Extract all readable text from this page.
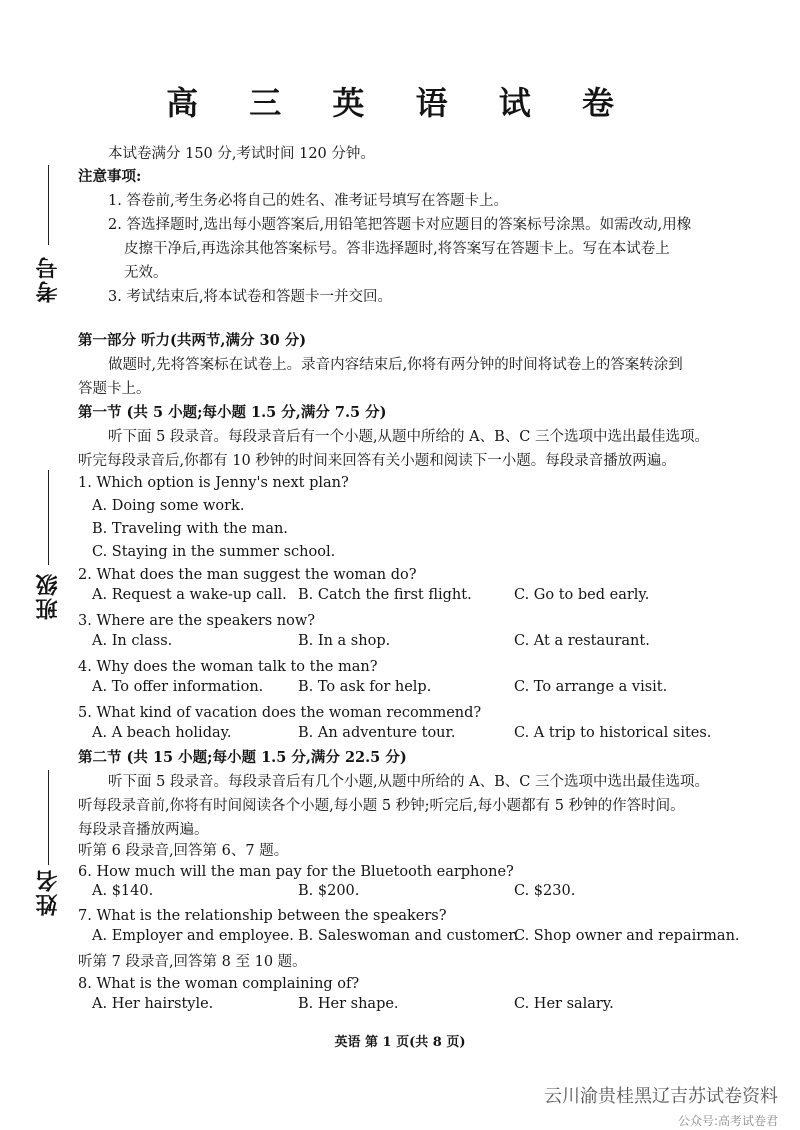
高 三 英 语 试 卷
考号
班级
姓名
本试卷满分 150 分,考试时间 120 分钟。
注意事项:
1. 答卷前,考生务必将自己的姓名、准考证号填写在答题卡上。
2. 答选择题时,选出每小题答案后,用铅笔把答题卡对应题目的答案标号涂黑。如需改动,用橡
皮擦干净后,再选涂其他答案标号。答非选择题时,将答案写在答题卡上。写在本试卷上
无效。
3. 考试结束后,将本试卷和答题卡一并交回。
第一部分 听力(共两节,满分 30 分)
做题时,先将答案标在试卷上。录音内容结束后,你将有两分钟的时间将试卷上的答案转涂到
答题卡上。
第一节 (共 5 小题;每小题 1.5 分,满分 7.5 分)
听下面 5 段录音。每段录音后有一个小题,从题中所给的 A、B、C 三个选项中选出最佳选项。
听完每段录音后,你都有 10 秒钟的时间来回答有关小题和阅读下一小题。每段录音播放两遍。
1. Which option is Jenny's next plan?
A. Doing some work.
B. Traveling with the man.
C. Staying in the summer school.
2. What does the man suggest the woman do?
A. Request a wake-up call. B. Catch the first flight.	C. Go to bed early.
3. Where are the speakers now?
A. In class.	B. In a shop.	C. At a restaurant.
4. Why does the woman talk to the man?
A. To offer information. B. To ask for help.	C. To arrange a visit.
5. What kind of vacation does the woman recommend?
A. A beach holiday.	B. An adventure tour.	C. A trip to historical sites.
第二节 (共 15 小题;每小题 1.5 分,满分 22.5 分)
听下面 5 段录音。每段录音后有几个小题,从题中所给的 A、B、C 三个选项中选出最佳选项。
听每段录音前,你将有时间阅读各个小题,每小题 5 秒钟;听完后,每小题都有 5 秒钟的作答时间。
每段录音播放两遍。
听第 6 段录音,回答第 6、7 题。
6. How much will the man pay for the Bluetooth earphone?
A. $140.	B. $200.	C. $230.
7. What is the relationship between the speakers?
A. Employer and employee. B. Saleswoman and customer.
C. Shop owner and repairman.
听第 7 段录音,回答第 8 至 10 题。
8. What is the woman complaining of?
A. Her hairstyle.	B. Her shape.	C. Her salary.
英语 第 1 页(共 8 页)
云川渝贵桂黑辽吉苏试卷资料
公众号:高考试卷君
